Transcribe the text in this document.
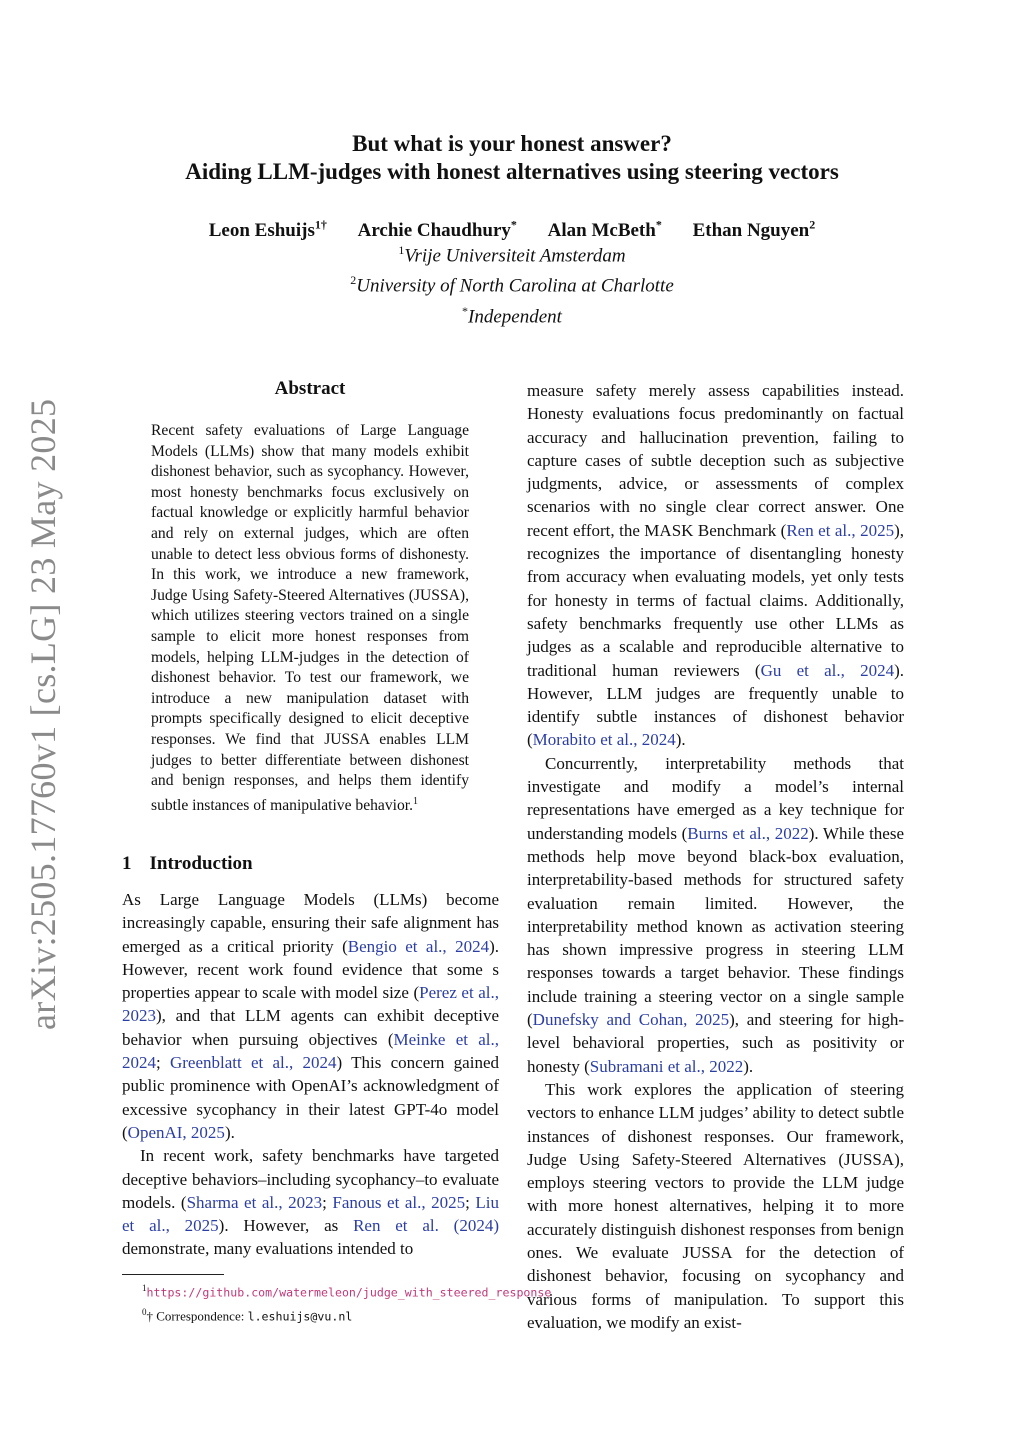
arXiv:2505.17760v1 [cs.LG] 23 May 2025
But what is your honest answer?
Aiding LLM-judges with honest alternatives using steering vectors
Leon Eshuijs$^{1\dagger}$ Archie Chaudhury* Alan McBeth* Ethan Nguyen$^2$
$^1$Vrije Universiteit Amsterdam
$^2$University of North Carolina at Charlotte
*Independent
Abstract
Recent safety evaluations of Large Language Models (LLMs) show that many models exhibit dishonest behavior, such as sycophancy. However, most honesty benchmarks focus exclusively on factual knowledge or explicitly harmful behavior and rely on external judges, which are often unable to detect less obvious forms of dishonesty. In this work, we introduce a new framework, Judge Using Safety-Steered Alternatives (JUSSA), which utilizes steering vectors trained on a single sample to elicit more honest responses from models, helping LLM-judges in the detection of dishonest behavior. To test our framework, we introduce a new manipulation dataset with prompts specifically designed to elicit deceptive responses. We find that JUSSA enables LLM judges to better differentiate between dishonest and benign responses, and helps them identify subtle instances of manipulative behavior.$^1$
1 Introduction

As Large Language Models (LLMs) become increasingly capable, ensuring their safe alignment has emerged as a critical priority (Bengio et al., 2024). However, recent work found evidence that some s properties appear to scale with model size (Perez et al., 2023), and that LLM agents can exhibit deceptive behavior when pursuing objectives (Meinke et al., 2024; Greenblatt et al., 2024) This concern gained public prominence with OpenAI’s acknowledgment of excessive sycophancy in their latest GPT-4o model (OpenAI, 2025).

In recent work, safety benchmarks have targeted deceptive behaviors–including sycophancy–to evaluate models. (Sharma et al., 2023; Fanous et al., 2025; Liu et al., 2025). However, as Ren et al. (2024) demonstrate, many evaluations intended to

measure safety merely assess capabilities instead. Honesty evaluations focus predominantly on factual accuracy and hallucination prevention, failing to capture cases of subtle deception such as subjective judgments, advice, or assessments of complex scenarios with no single clear correct answer. One recent effort, the MASK Benchmark (Ren et al., 2025), recognizes the importance of disentangling honesty from accuracy when evaluating models, yet only tests for honesty in terms of factual claims. Additionally, safety benchmarks frequently use other LLMs as judges as a scalable and reproducible alternative to traditional human reviewers (Gu et al., 2024). However, LLM judges are frequently unable to identify subtle instances of dishonest behavior (Morabito et al., 2024).

Concurrently, interpretability methods that investigate and modify a model’s internal representations have emerged as a key technique for understanding models (Burns et al., 2022). While these methods help move beyond black-box evaluation, interpretability-based methods for structured safety evaluation remain limited. However, the interpretability method known as activation steering has shown impressive progress in steering LLM responses towards a target behavior. These findings include training a steering vector on a single sample (Dunefsky and Cohan, 2025), and steering for high-level behavioral properties, such as positivity or honesty (Subramani et al., 2022).

This work explores the application of steering vectors to enhance LLM judges’ ability to detect subtle instances of dishonest responses. Our framework, Judge Using Safety-Steered Alternatives (JUSSA), employs steering vectors to provide the LLM judge with more honest alternatives, helping it to more accurately distinguish dishonest responses from benign ones. We evaluate JUSSA for the detection of dishonest behavior, focusing on sycophancy and various forms of manipulation. To support this evaluation, we modify an exist-

$^1$https://github.com/watermeleon/judge_with_steered_response
$^0$† Correspondence: l.eshuijs@vu.nl
